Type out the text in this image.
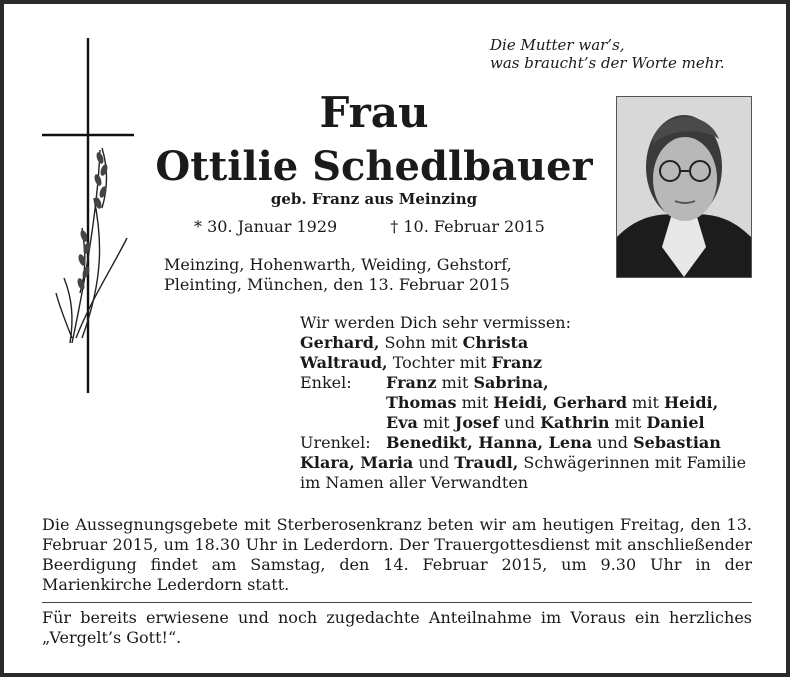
Die Mutter war’s,
was braucht’s der Worte mehr.
Frau
Ottilie Schedlbauer
geb. Franz aus Meinzing
* 30. Januar 1929	† 10. Februar 2015
Meinzing, Hohenwarth, Weiding, Gehstorf,
Pleinting, München, den 13. Februar 2015
Wir werden Dich sehr vermissen:
Gerhard, Sohn mit Christa
Waltraud, Tochter mit Franz
Enkel:	Franz mit Sabrina,
Thomas mit Heidi, Gerhard mit Heidi,
Eva mit Josef und Kathrin mit Daniel
Urenkel: Benedikt, Hanna, Lena und Sebastian
Klara, Maria und Traudl, Schwägerinnen mit Familie
im Namen aller Verwandten
Die Aussegnungsgebete mit Sterberosenkranz beten wir am heutigen Freitag, den 13. Februar 2015, um 18.30 Uhr in Lederdorn. Der Trauergottesdienst mit anschließender Beerdigung findet am Samstag, den 14. Februar 2015, um 9.30 Uhr in der Marienkirche Lederdorn statt.
Für bereits erwiesene und noch zugedachte Anteilnahme im Voraus ein herzliches „Vergelt’s Gott!“.
